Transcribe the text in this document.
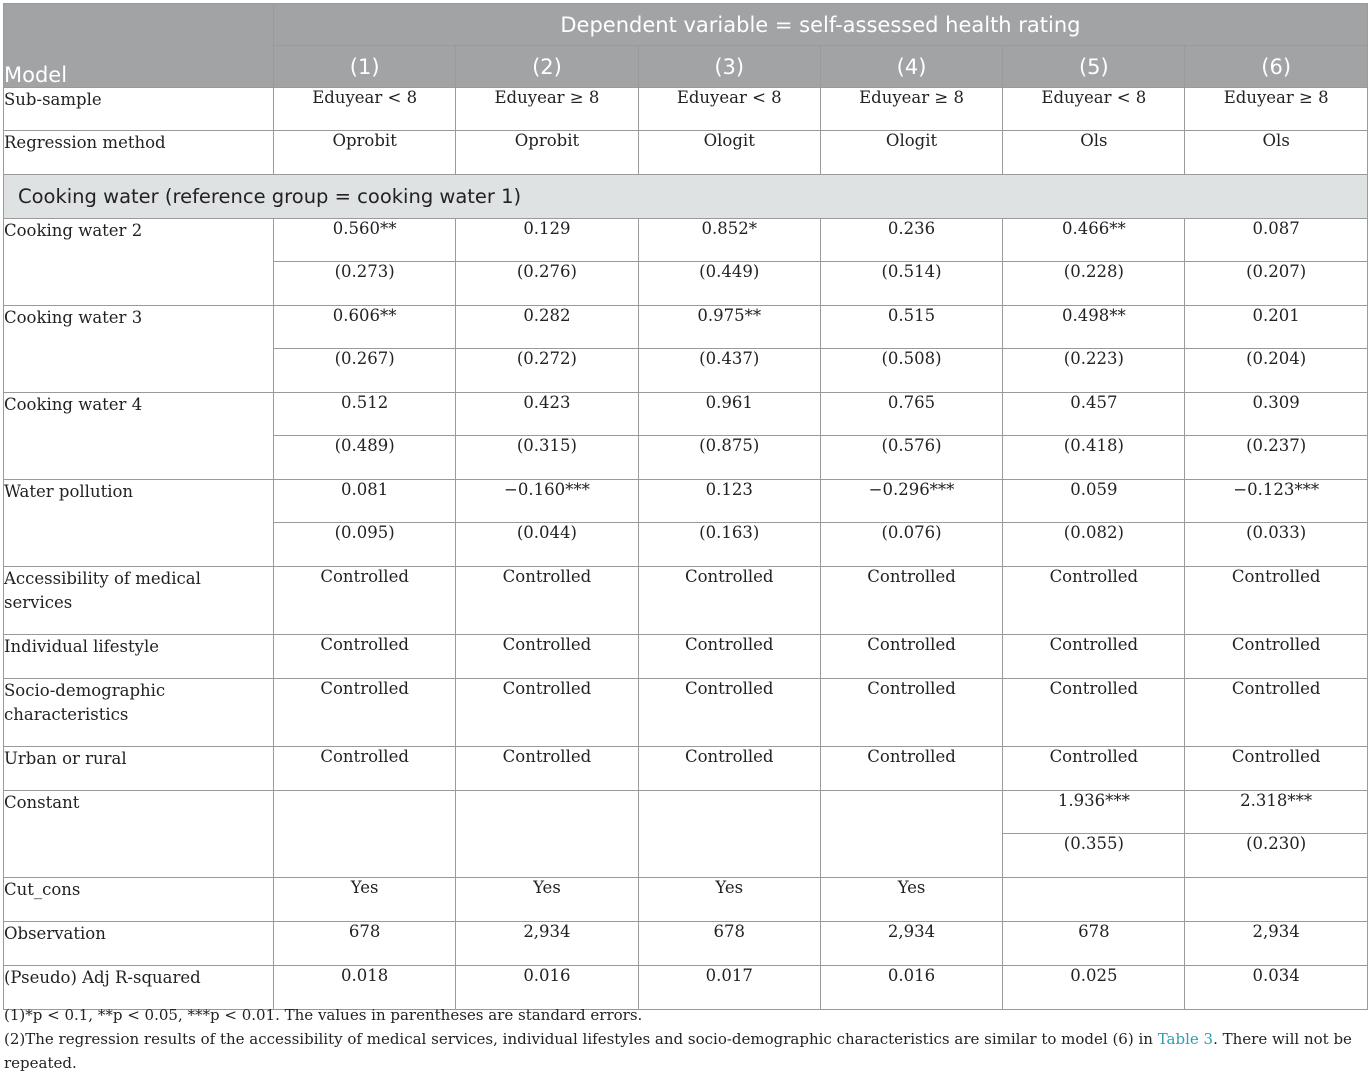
Model	Dependent variable = self-assessed health rating					
	(1)	(2)	(3)	(4)	(5)	(6)
Sub-sample	Eduyear < 8	Eduyear ≥ 8	Eduyear < 8	Eduyear ≥ 8	Eduyear < 8	Eduyear ≥ 8
Regression method	Oprobit	Oprobit	Ologit	Ologit	Ols	Ols
Cooking water (reference group = cooking water 1)						
Cooking water 2	0.560**	0.129	0.852*	0.236	0.466**	0.087
	(0.273)	(0.276)	(0.449)	(0.514)	(0.228)	(0.207)
Cooking water 3	0.606**	0.282	0.975**	0.515	0.498**	0.201
	(0.267)	(0.272)	(0.437)	(0.508)	(0.223)	(0.204)
Cooking water 4	0.512	0.423	0.961	0.765	0.457	0.309
	(0.489)	(0.315)	(0.875)	(0.576)	(0.418)	(0.237)
Water pollution	0.081	−0.160***	0.123	−0.296***	0.059	−0.123***
	(0.095)	(0.044)	(0.163)	(0.076)	(0.082)	(0.033)
Accessibility of medical services	Controlled	Controlled	Controlled	Controlled	Controlled	Controlled
Individual lifestyle	Controlled	Controlled	Controlled	Controlled	Controlled	Controlled
Socio-demographic characteristics	Controlled	Controlled	Controlled	Controlled	Controlled	Controlled
Urban or rural	Controlled	Controlled	Controlled	Controlled	Controlled	Controlled
Constant					1.936***	2.318***
					(0.355)	(0.230)
Cut_cons	Yes	Yes	Yes	Yes		
Observation	678	2,934	678	2,934	678	2,934
(Pseudo) Adj R-squared	0.018	0.016	0.017	0.016	0.025	0.034
(1)*p < 0.1, **p < 0.05, ***p < 0.01. The values in parentheses are standard errors.
(2)The regression results of the accessibility of medical services, individual lifestyles and socio-demographic characteristics are similar to model (6) in Table 3. There will not be repeated.
